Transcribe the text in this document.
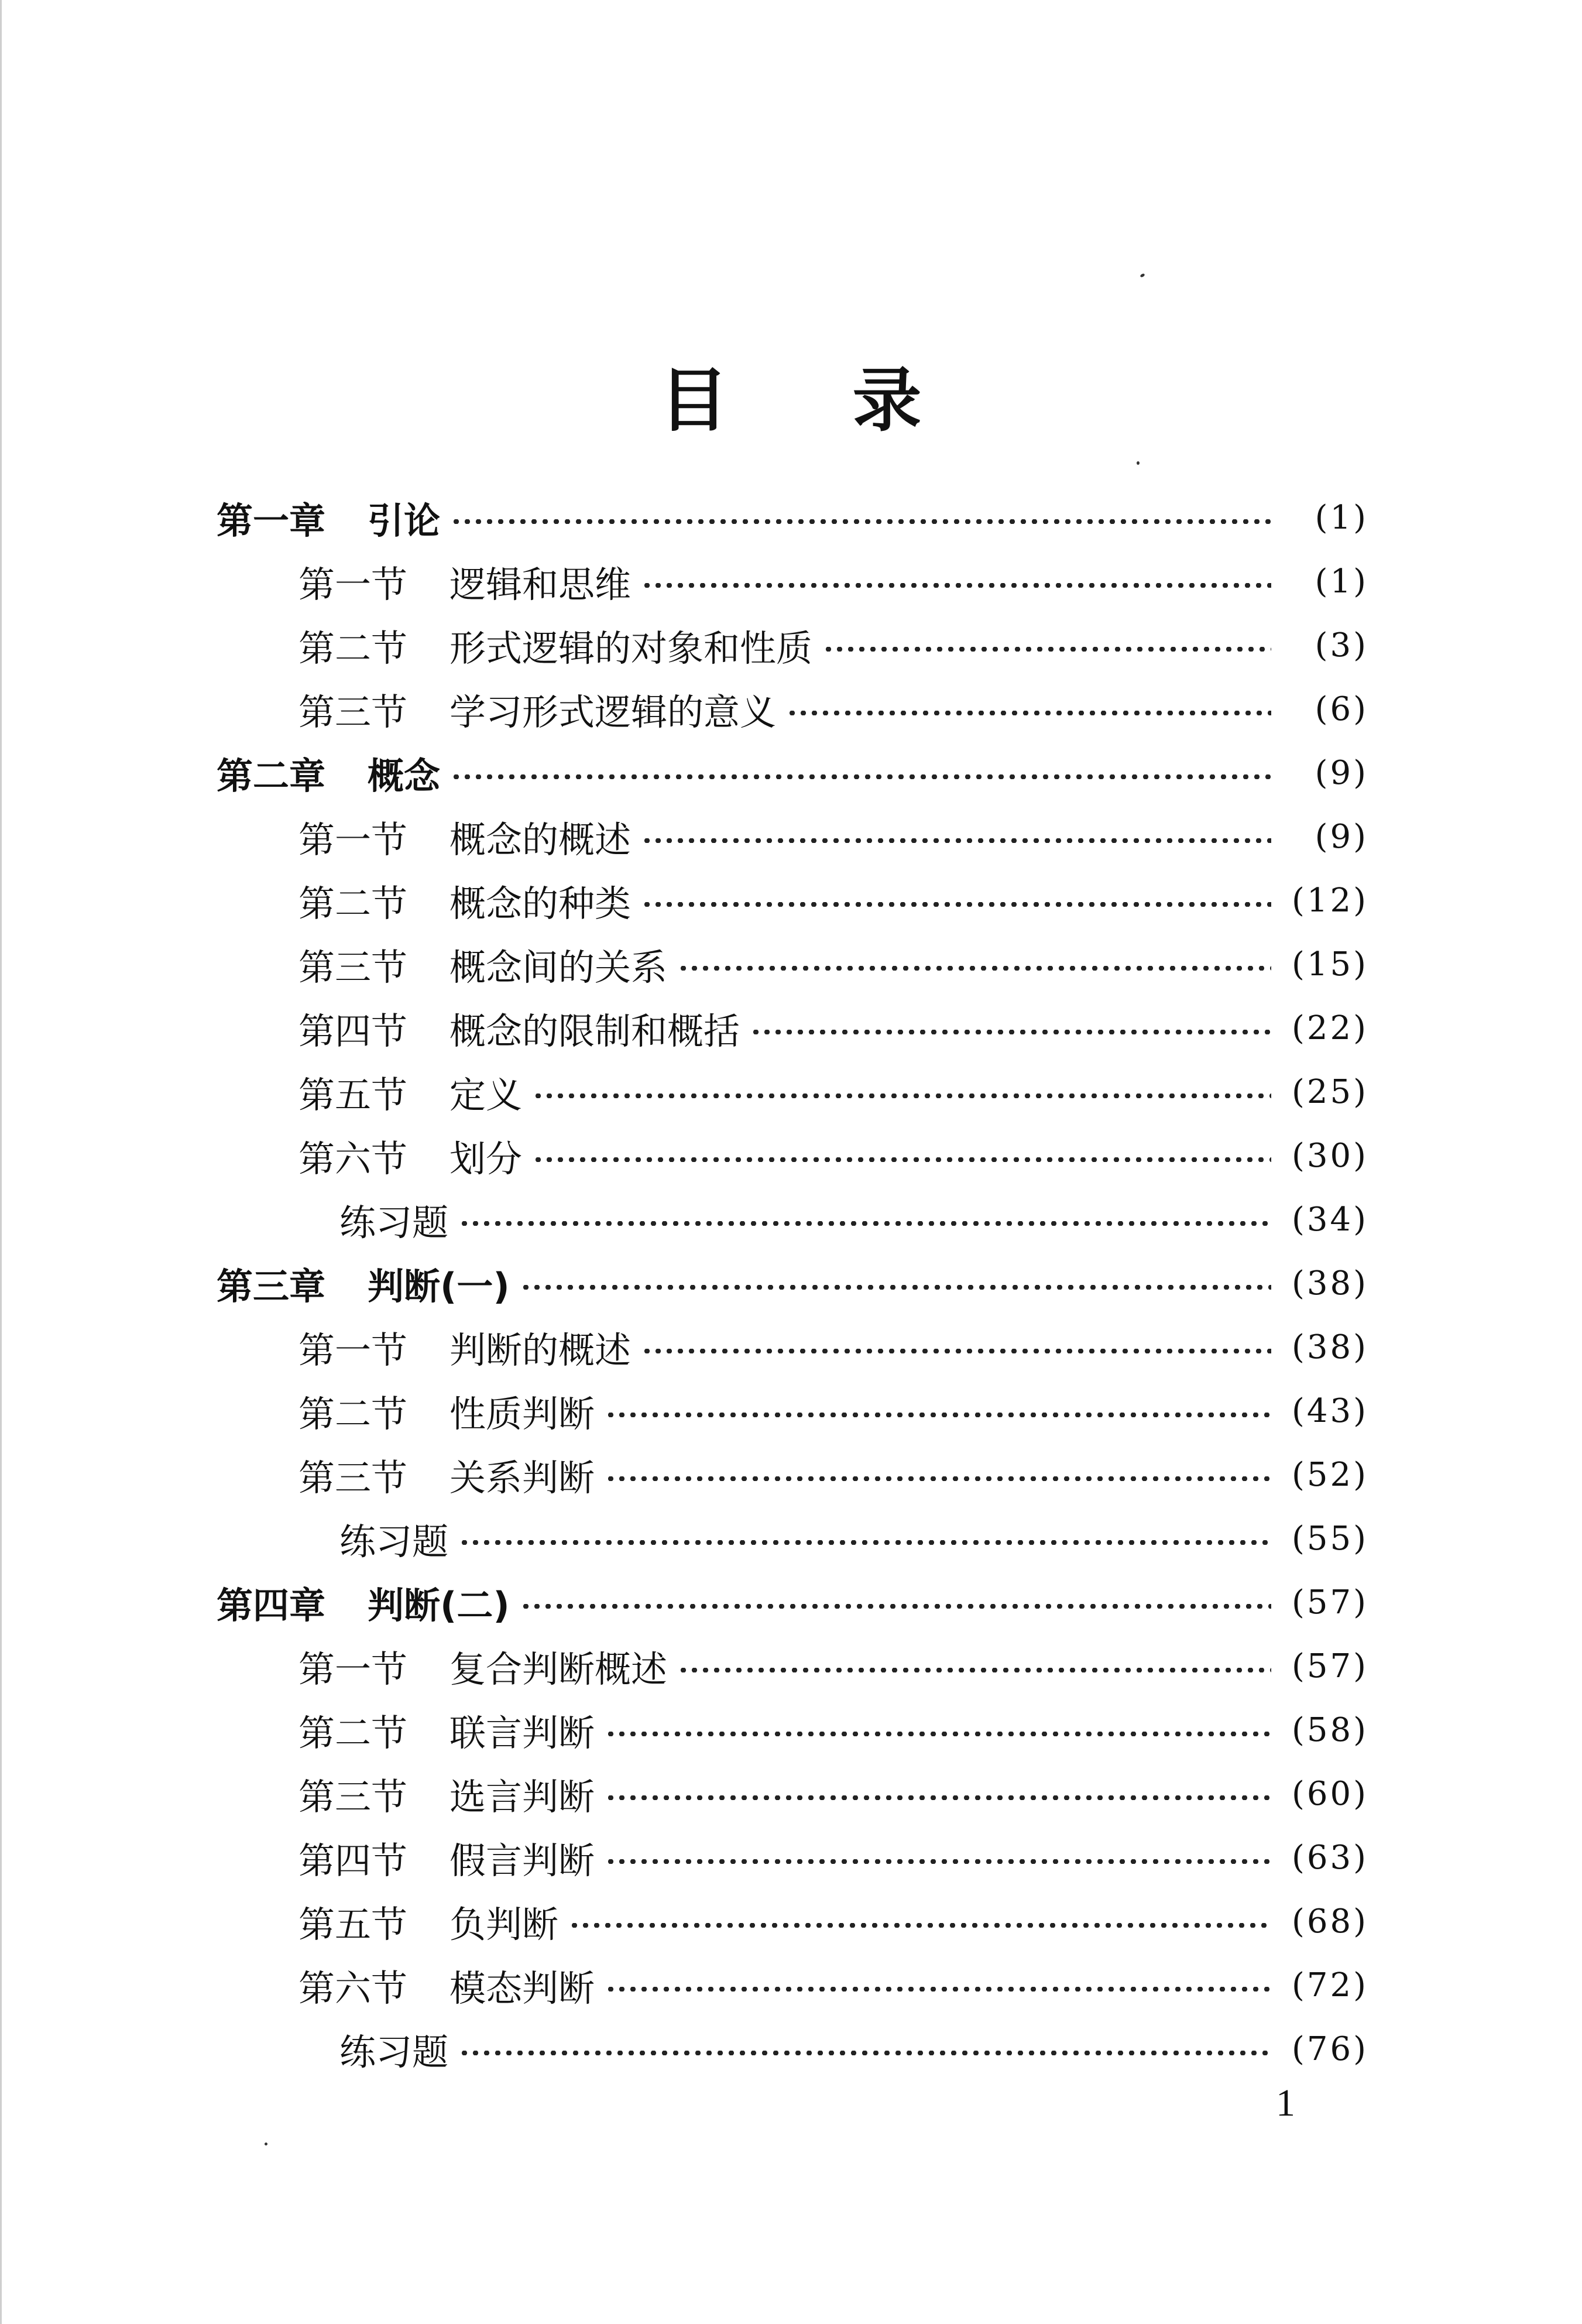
目 录
第一章 引论	(1)
第一节 逻辑和思维	(1)
第二节 形式逻辑的对象和性质	(3)
第三节 学习形式逻辑的意义	(6)
第二章 概念	(9)
第一节 概念的概述	(9)
第二节 概念的种类	(12)
第三节 概念间的关系	(15)
第四节 概念的限制和概括	(22)
第五节 定义	(25)
第六节 划分	(30)
练习题	(34)
第三章 判断(一)	(38)
第一节 判断的概述	(38)
第二节 性质判断	(43)
第三节 关系判断	(52)
练习题	(55)
第四章 判断(二)	(57)
第一节 复合判断概述	(57)
第二节 联言判断	(58)
第三节 选言判断	(60)
第四节 假言判断	(63)
第五节 负判断	(68)
第六节 模态判断	(72)
练习题	(76)
1
